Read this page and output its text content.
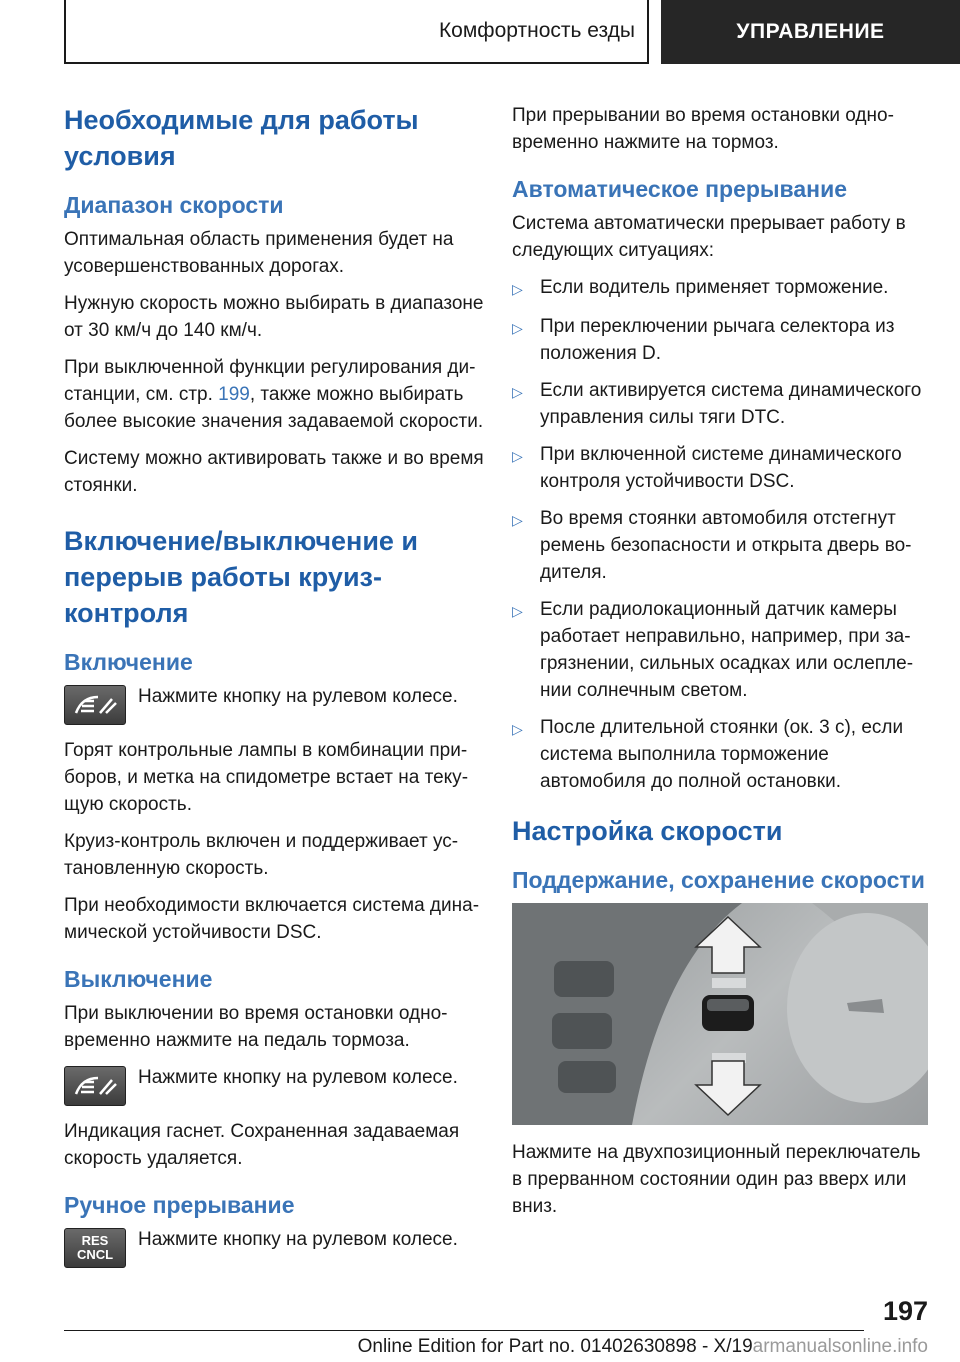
Комфортность езды	УПРАВЛЕНИЕ
Необходимые для работы условия
Диапазон скорости

Оптимальная область применения будет на усовершенствованных дорогах.

Нужную скорость можно выбирать в диапазоне от 30 км/ч до 140 км/ч.

При выключенной функции регулирования дистанции, см. стр. 199, также можно выбирать более высокие значения задаваемой скорости.

Систему можно активировать также и во время стоянки.

Включение/выключение и перерыв работы круиз-контроля
Включение

Нажмите кнопку на рулевом колесе.

Горят контрольные лампы в комбинации приборов, и метка на спидометре встает на текущую скорость.

Круиз-контроль включен и поддерживает установленную скорость.

При необходимости включается система динамической устойчивости DSC.

Выключение

При выключении во время остановки одновременно нажмите на педаль тормоза.

Нажмите кнопку на рулевом колесе.

Индикация гаснет. Сохраненная задаваемая скорость удаляется.

Ручное прерывание
RES
CNCL

Нажмите кнопку на рулевом колесе.

При прерывании во время остановки одновременно нажмите на тормоз.

Автоматическое прерывание

Система автоматически прерывает работу в следующих ситуациях:

▷ Если водитель применяет торможение.
▷ При переключении рычага селектора из положения D.
▷ Если активируется система динамического управления силы тяги DTC.
▷ При включенной системе динамического контроля устойчивости DSC.
▷ Во время стоянки автомобиля отстегнут ремень безопасности и открыта дверь водителя.
▷ Если радиолокационный датчик камеры работает неправильно, например, при загрязнении, сильных осадках или ослеплении солнечным светом.
▷ После длительной стоянки (ок. 3 с), если система выполнила торможение автомобиля до полной остановки.
Настройка скорости
Поддержание, сохранение скорости

Нажмите на двухпозиционный переключатель в прерванном состоянии один раз вверх или вниз.

197
Online Edition for Part no. 01402630898 - X/19armanualsonline.info
